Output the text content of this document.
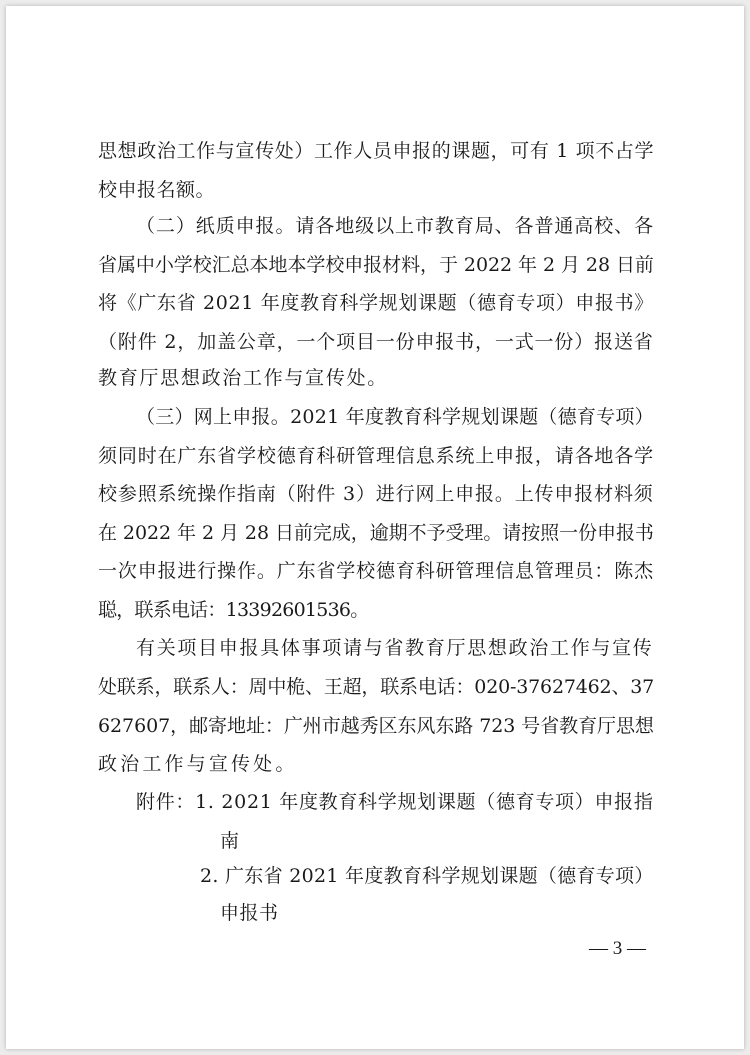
思想政治工作与宣传处）工作人员申报的课题，可有 1 项不占学
校申报名额。
（二）纸质申报。请各地级以上市教育局、各普通高校、各
省属中小学校汇总本地本学校申报材料，于 2022 年 2 月 28 日前
将《广东省 2021 年度教育科学规划课题（德育专项）申报书》
（附件 2，加盖公章，一个项目一份申报书，一式一份）报送省
教育厅思想政治工作与宣传处。
（三）网上申报。2021 年度教育科学规划课题（德育专项）
须同时在广东省学校德育科研管理信息系统上申报，请各地各学
校参照系统操作指南（附件 3）进行网上申报。上传申报材料须
在 2022 年 2 月 28 日前完成，逾期不予受理。请按照一份申报书
一次申报进行操作。广东省学校德育科研管理信息管理员：陈杰
聪，联系电话：13392601536。
有关项目申报具体事项请与省教育厅思想政治工作与宣传
处联系，联系人：周中桅、王超，联系电话：020-37627462、37
627607，邮寄地址：广州市越秀区东风东路 723 号省教育厅思想
政治工作与宣传处。
附件：1. 2021 年度教育科学规划课题（德育专项）申报指
南
2. 广东省 2021 年度教育科学规划课题（德育专项）
申报书
— 3 —
